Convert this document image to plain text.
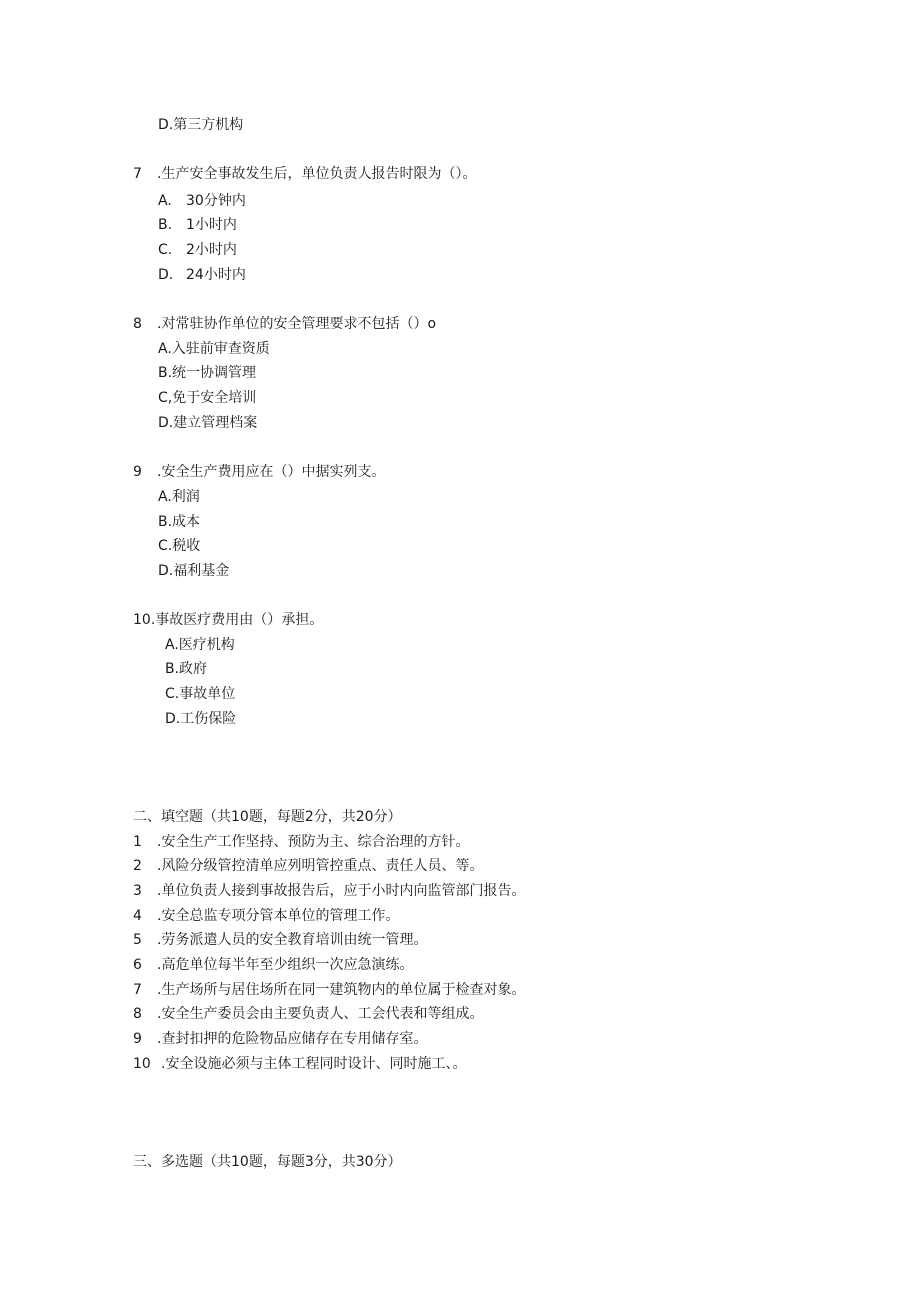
D.第三方机构
7 .生产安全事故发生后，单位负责人报告时限为（）。
A. 30分钟内
B. 1小时内
C. 2小时内
D. 24小时内
8 .对常驻协作单位的安全管理要求不包括（）o
A.入驻前审查资质
B.统一协调管理
C,免于安全培训
D.建立管理档案
9 .安全生产费用应在（）中据实列支。
A.利润
B.成本
C.税收
D.福利基金
10.事故医疗费用由（）承担。
A.医疗机构
B.政府
C.事故单位
D.工伤保险
二、填空题（共10题，每题2分，共20分）
1 .安全生产工作坚持、预防为主、综合治理的方针。
2 .风险分级管控清单应列明管控重点、责任人员、等。
3 .单位负责人接到事故报告后，应于小时内向监管部门报告。
4 .安全总监专项分管本单位的管理工作。
5 .劳务派遣人员的安全教育培训由统一管理。
6 .高危单位每半年至少组织一次应急演练。
7 .生产场所与居住场所在同一建筑物内的单位属于检查对象。
8 .安全生产委员会由主要负责人、工会代表和等组成。
9 .查封扣押的危险物品应储存在专用储存室。
10 .安全设施必须与主体工程同时设计、同时施工、。
三、多选题（共10题，每题3分，共30分）
